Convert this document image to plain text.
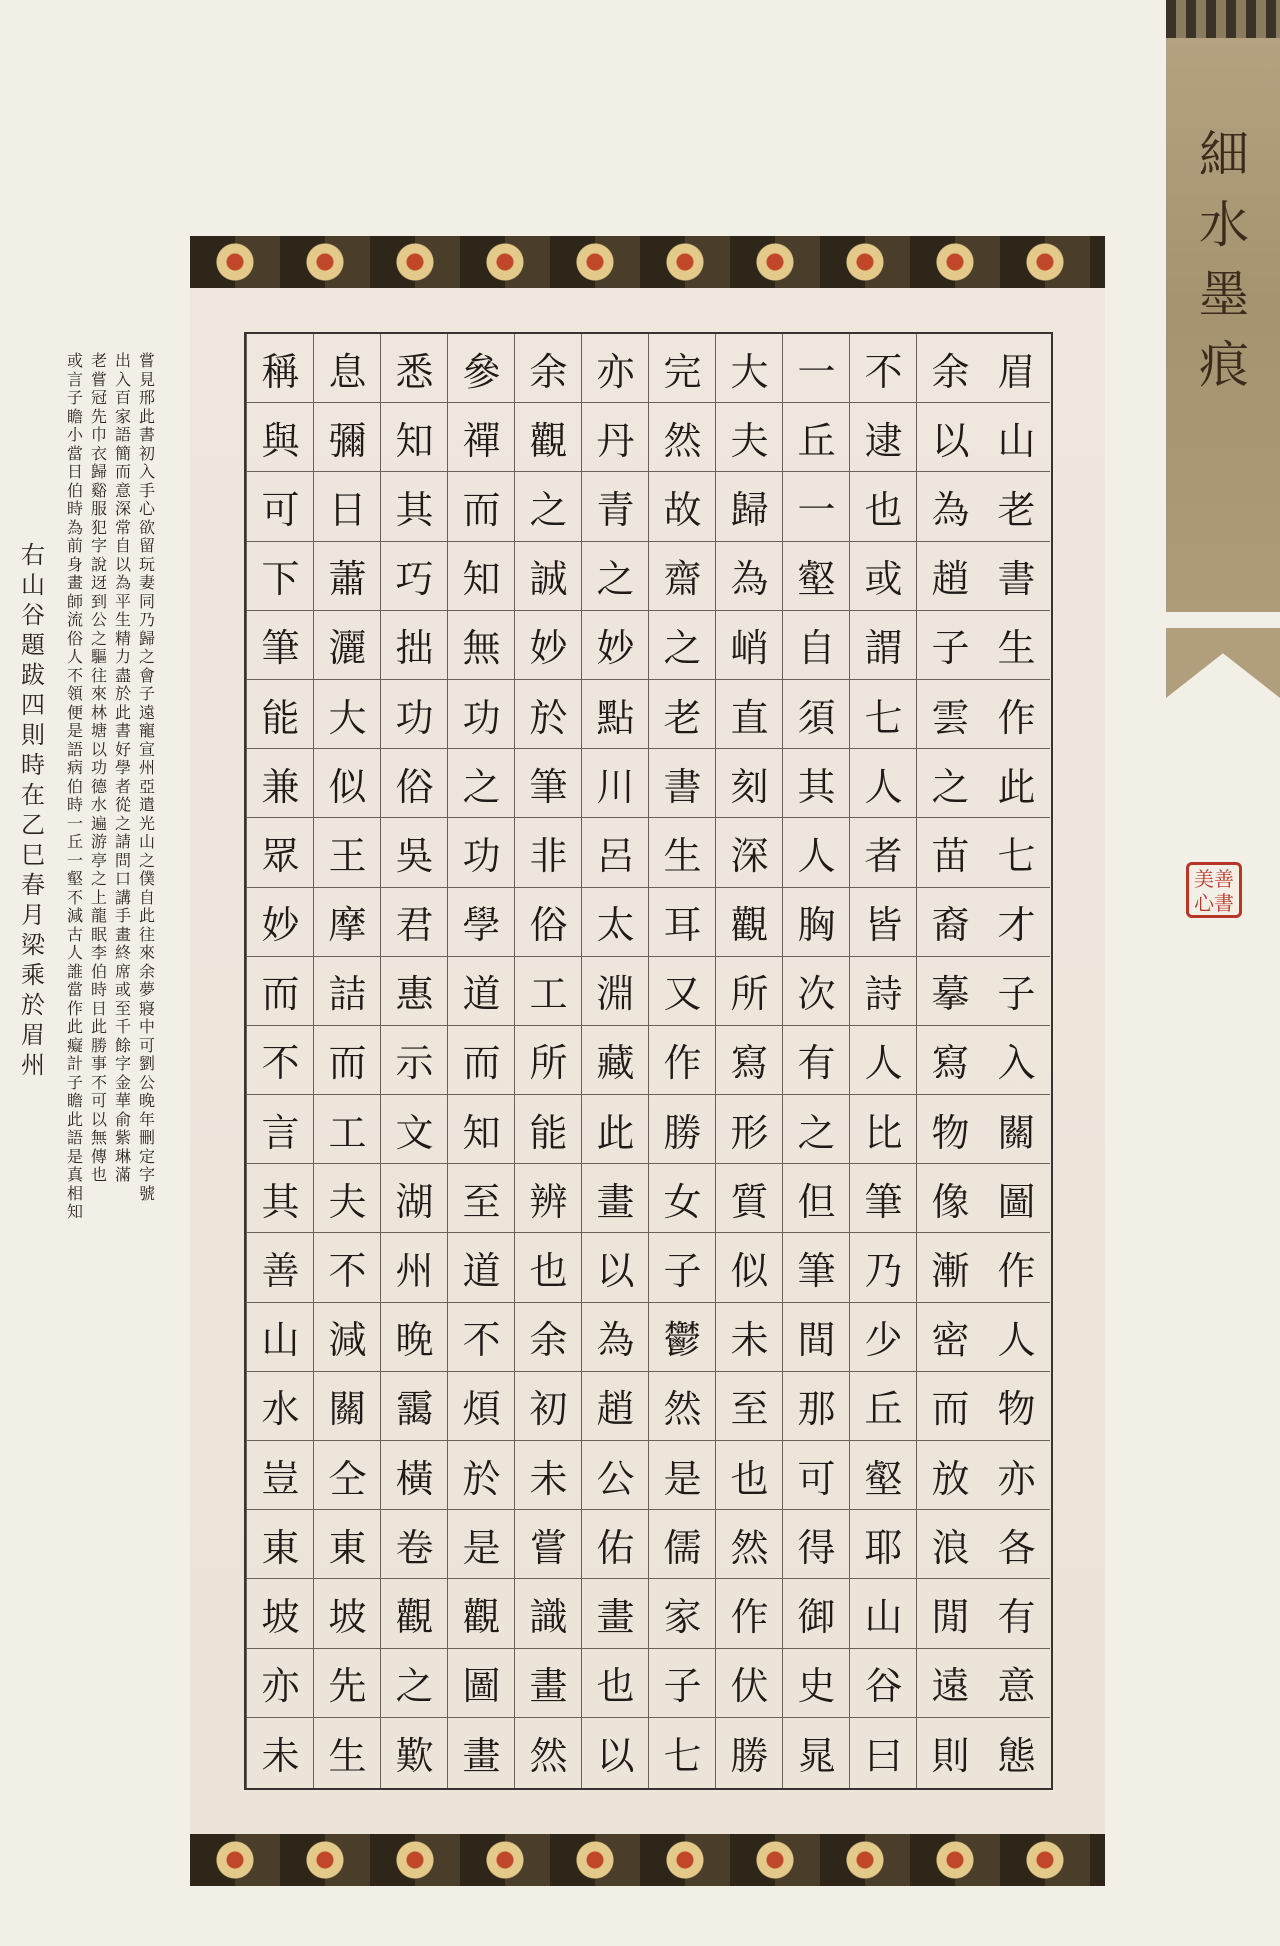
細水墨痕
美善心書
眉
山
老
書
生
作
此
七
才
子
入
關
圖
作
人
物
亦
各
有
意
態
余
以
為
趙
子
雲
之
苗
裔
摹
寫
物
像
漸
密
而
放
浪
閒
遠
則
不
逮
也
或
謂
七
人
者
皆
詩
人
比
筆
乃
少
丘
壑
耶
山
谷
曰
一
丘
一
壑
自
須
其
人
胸
次
有
之
但
筆
間
那
可
得
御
史
晁
大
夫
歸
為
峭
直
刻
深
觀
所
寫
形
質
似
未
至
也
然
作
伏
勝
完
然
故
齋
之
老
書
生
耳
又
作
勝
女
子
鬱
然
是
儒
家
子
七
亦
丹
青
之
妙
點
川
呂
太
淵
藏
此
畫
以
為
趙
公
佑
畫
也
以
余
觀
之
誠
妙
於
筆
非
俗
工
所
能
辨
也
余
初
未
嘗
識
畫
然
參
禪
而
知
無
功
之
功
學
道
而
知
至
道
不
煩
於
是
觀
圖
畫
悉
知
其
巧
拙
功
俗
吳
君
惠
示
文
湖
州
晚
靄
橫
卷
觀
之
歎
息
彌
日
蕭
灑
大
似
王
摩
詰
而
工
夫
不
減
關
仝
東
坡
先
生
稱
與
可
下
筆
能
兼
眾
妙
而
不
言
其
善
山
水
豈
東
坡
亦
未
嘗見邢此書初入手心欲留玩妻同乃歸之會子遠寵宣州亞遣光山之僕自此往來余夢寢中可劉公晚年刪定字號
出入百家語簡而意深常自以為平生精力盡於此書好學者從之請問口講手畫終席或至千餘字金華俞紫琳滿
老嘗冠先巾衣歸谿服犯字說迓到公之驅往來林塘以功德水遍游亭之上龍眠李伯時日此勝事不可以無傳也
或言子瞻小當日伯時為前身畫師流俗人不領便是語病伯時一丘一壑不減古人誰當作此癡計子瞻此語是真相知
右山谷題跋四則時在乙巳春月梁乘於眉州
